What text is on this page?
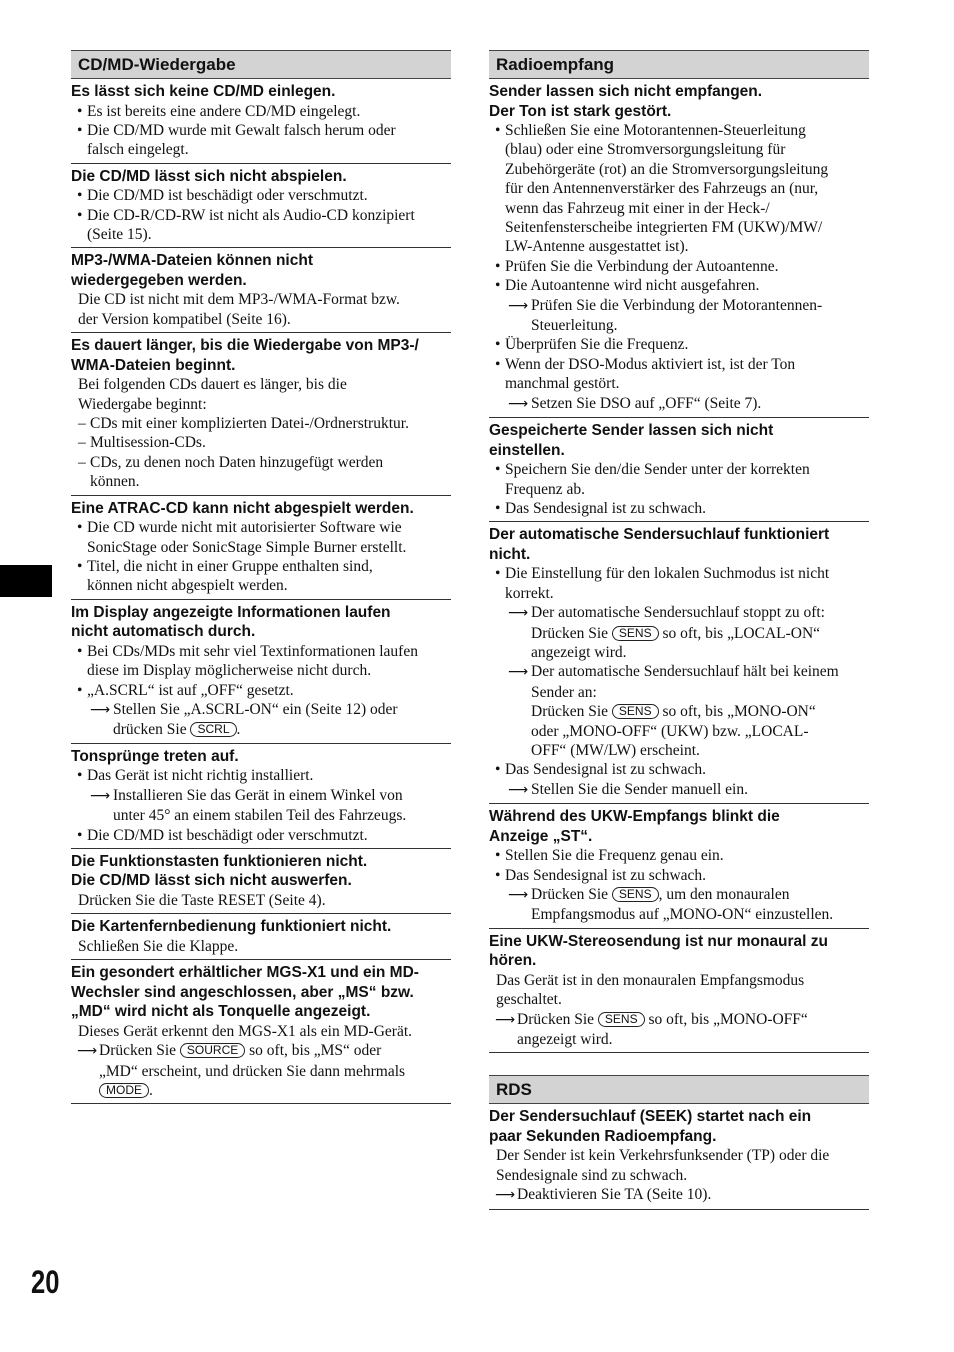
20
CD/MD-Wiedergabe
Es lässt sich keine CD/MD einlegen.
• Es ist bereits eine andere CD/MD eingelegt.
• Die CD/MD wurde mit Gewalt falsch herum oder
falsch eingelegt.
Die CD/MD lässt sich nicht abspielen.
• Die CD/MD ist beschädigt oder verschmutzt.
• Die CD-R/CD-RW ist nicht als Audio-CD konzipiert
(Seite 15).
MP3-/WMA-Dateien können nicht
wiedergegeben werden.
Die CD ist nicht mit dem MP3-/WMA-Format bzw.
der Version kompatibel (Seite 16).
Es dauert länger, bis die Wiedergabe von MP3-/
WMA-Dateien beginnt.
Bei folgenden CDs dauert es länger, bis die
Wiedergabe beginnt:
– CDs mit einer komplizierten Datei-/Ordnerstruktur.
– Multisession-CDs.
– CDs, zu denen noch Daten hinzugefügt werden
können.
Eine ATRAC-CD kann nicht abgespielt werden.
• Die CD wurde nicht mit autorisierter Software wie
SonicStage oder SonicStage Simple Burner erstellt.
• Titel, die nicht in einer Gruppe enthalten sind,
können nicht abgespielt werden.
Im Display angezeigte Informationen laufen
nicht automatisch durch.
• Bei CDs/MDs mit sehr viel Textinformationen laufen
diese im Display möglicherweise nicht durch.
• „A.SCRL“ ist auf „OFF“ gesetzt.
⟶ Stellen Sie „A.SCRL-ON“ ein (Seite 12) oder
drücken Sie SCRL .
Tonsprünge treten auf.
• Das Gerät ist nicht richtig installiert.
⟶ Installieren Sie das Gerät in einem Winkel von
unter 45° an einem stabilen Teil des Fahrzeugs.
• Die CD/MD ist beschädigt oder verschmutzt.
Die Funktionstasten funktionieren nicht.
Die CD/MD lässt sich nicht auswerfen.
Drücken Sie die Taste RESET (Seite 4).
Die Kartenfernbedienung funktioniert nicht.
Schließen Sie die Klappe.
Ein gesondert erhältlicher MGS-X1 und ein MD-
Wechsler sind angeschlossen, aber „MS“ bzw.
„MD“ wird nicht als Tonquelle angezeigt.
Dieses Gerät erkennt den MGS-X1 als ein MD-Gerät.
⟶ Drücken Sie SOURCE so oft, bis „MS“ oder
„MD“ erscheint, und drücken Sie dann mehrmals
MODE .
Radioempfang
Sender lassen sich nicht empfangen.
Der Ton ist stark gestört.
• Schließen Sie eine Motorantennen-Steuerleitung
(blau) oder eine Stromversorgungsleitung für
Zubehörgeräte (rot) an die Stromversorgungsleitung
für den Antennenverstärker des Fahrzeugs an (nur,
wenn das Fahrzeug mit einer in der Heck-/
Seitenfensterscheibe integrierten FM (UKW)/MW/
LW-Antenne ausgestattet ist).
• Prüfen Sie die Verbindung der Autoantenne.
• Die Autoantenne wird nicht ausgefahren.
⟶ Prüfen Sie die Verbindung der Motorantennen-
Steuerleitung.
• Überprüfen Sie die Frequenz.
• Wenn der DSO-Modus aktiviert ist, ist der Ton
manchmal gestört.
⟶ Setzen Sie DSO auf „OFF“ (Seite 7).
Gespeicherte Sender lassen sich nicht
einstellen.
• Speichern Sie den/die Sender unter der korrekten
Frequenz ab.
• Das Sendesignal ist zu schwach.
Der automatische Sendersuchlauf funktioniert
nicht.
• Die Einstellung für den lokalen Suchmodus ist nicht
korrekt.
⟶ Der automatische Sendersuchlauf stoppt zu oft:
Drücken Sie SENS so oft, bis „LOCAL-ON“
angezeigt wird.
⟶ Der automatische Sendersuchlauf hält bei keinem
Sender an:
Drücken Sie SENS so oft, bis „MONO-ON“
oder „MONO-OFF“ (UKW) bzw. „LOCAL-
OFF“ (MW/LW) erscheint.
• Das Sendesignal ist zu schwach.
⟶ Stellen Sie die Sender manuell ein.
Während des UKW-Empfangs blinkt die
Anzeige „ST“.
• Stellen Sie die Frequenz genau ein.
• Das Sendesignal ist zu schwach.
⟶ Drücken Sie SENS , um den monauralen
Empfangsmodus auf „MONO-ON“ einzustellen.
Eine UKW-Stereosendung ist nur monaural zu
hören.
Das Gerät ist in den monauralen Empfangsmodus
geschaltet.
⟶ Drücken Sie SENS so oft, bis „MONO-OFF“
angezeigt wird.
RDS
Der Sendersuchlauf (SEEK) startet nach ein
paar Sekunden Radioempfang.
Der Sender ist kein Verkehrsfunksender (TP) oder die
Sendesignale sind zu schwach.
⟶ Deaktivieren Sie TA (Seite 10).
